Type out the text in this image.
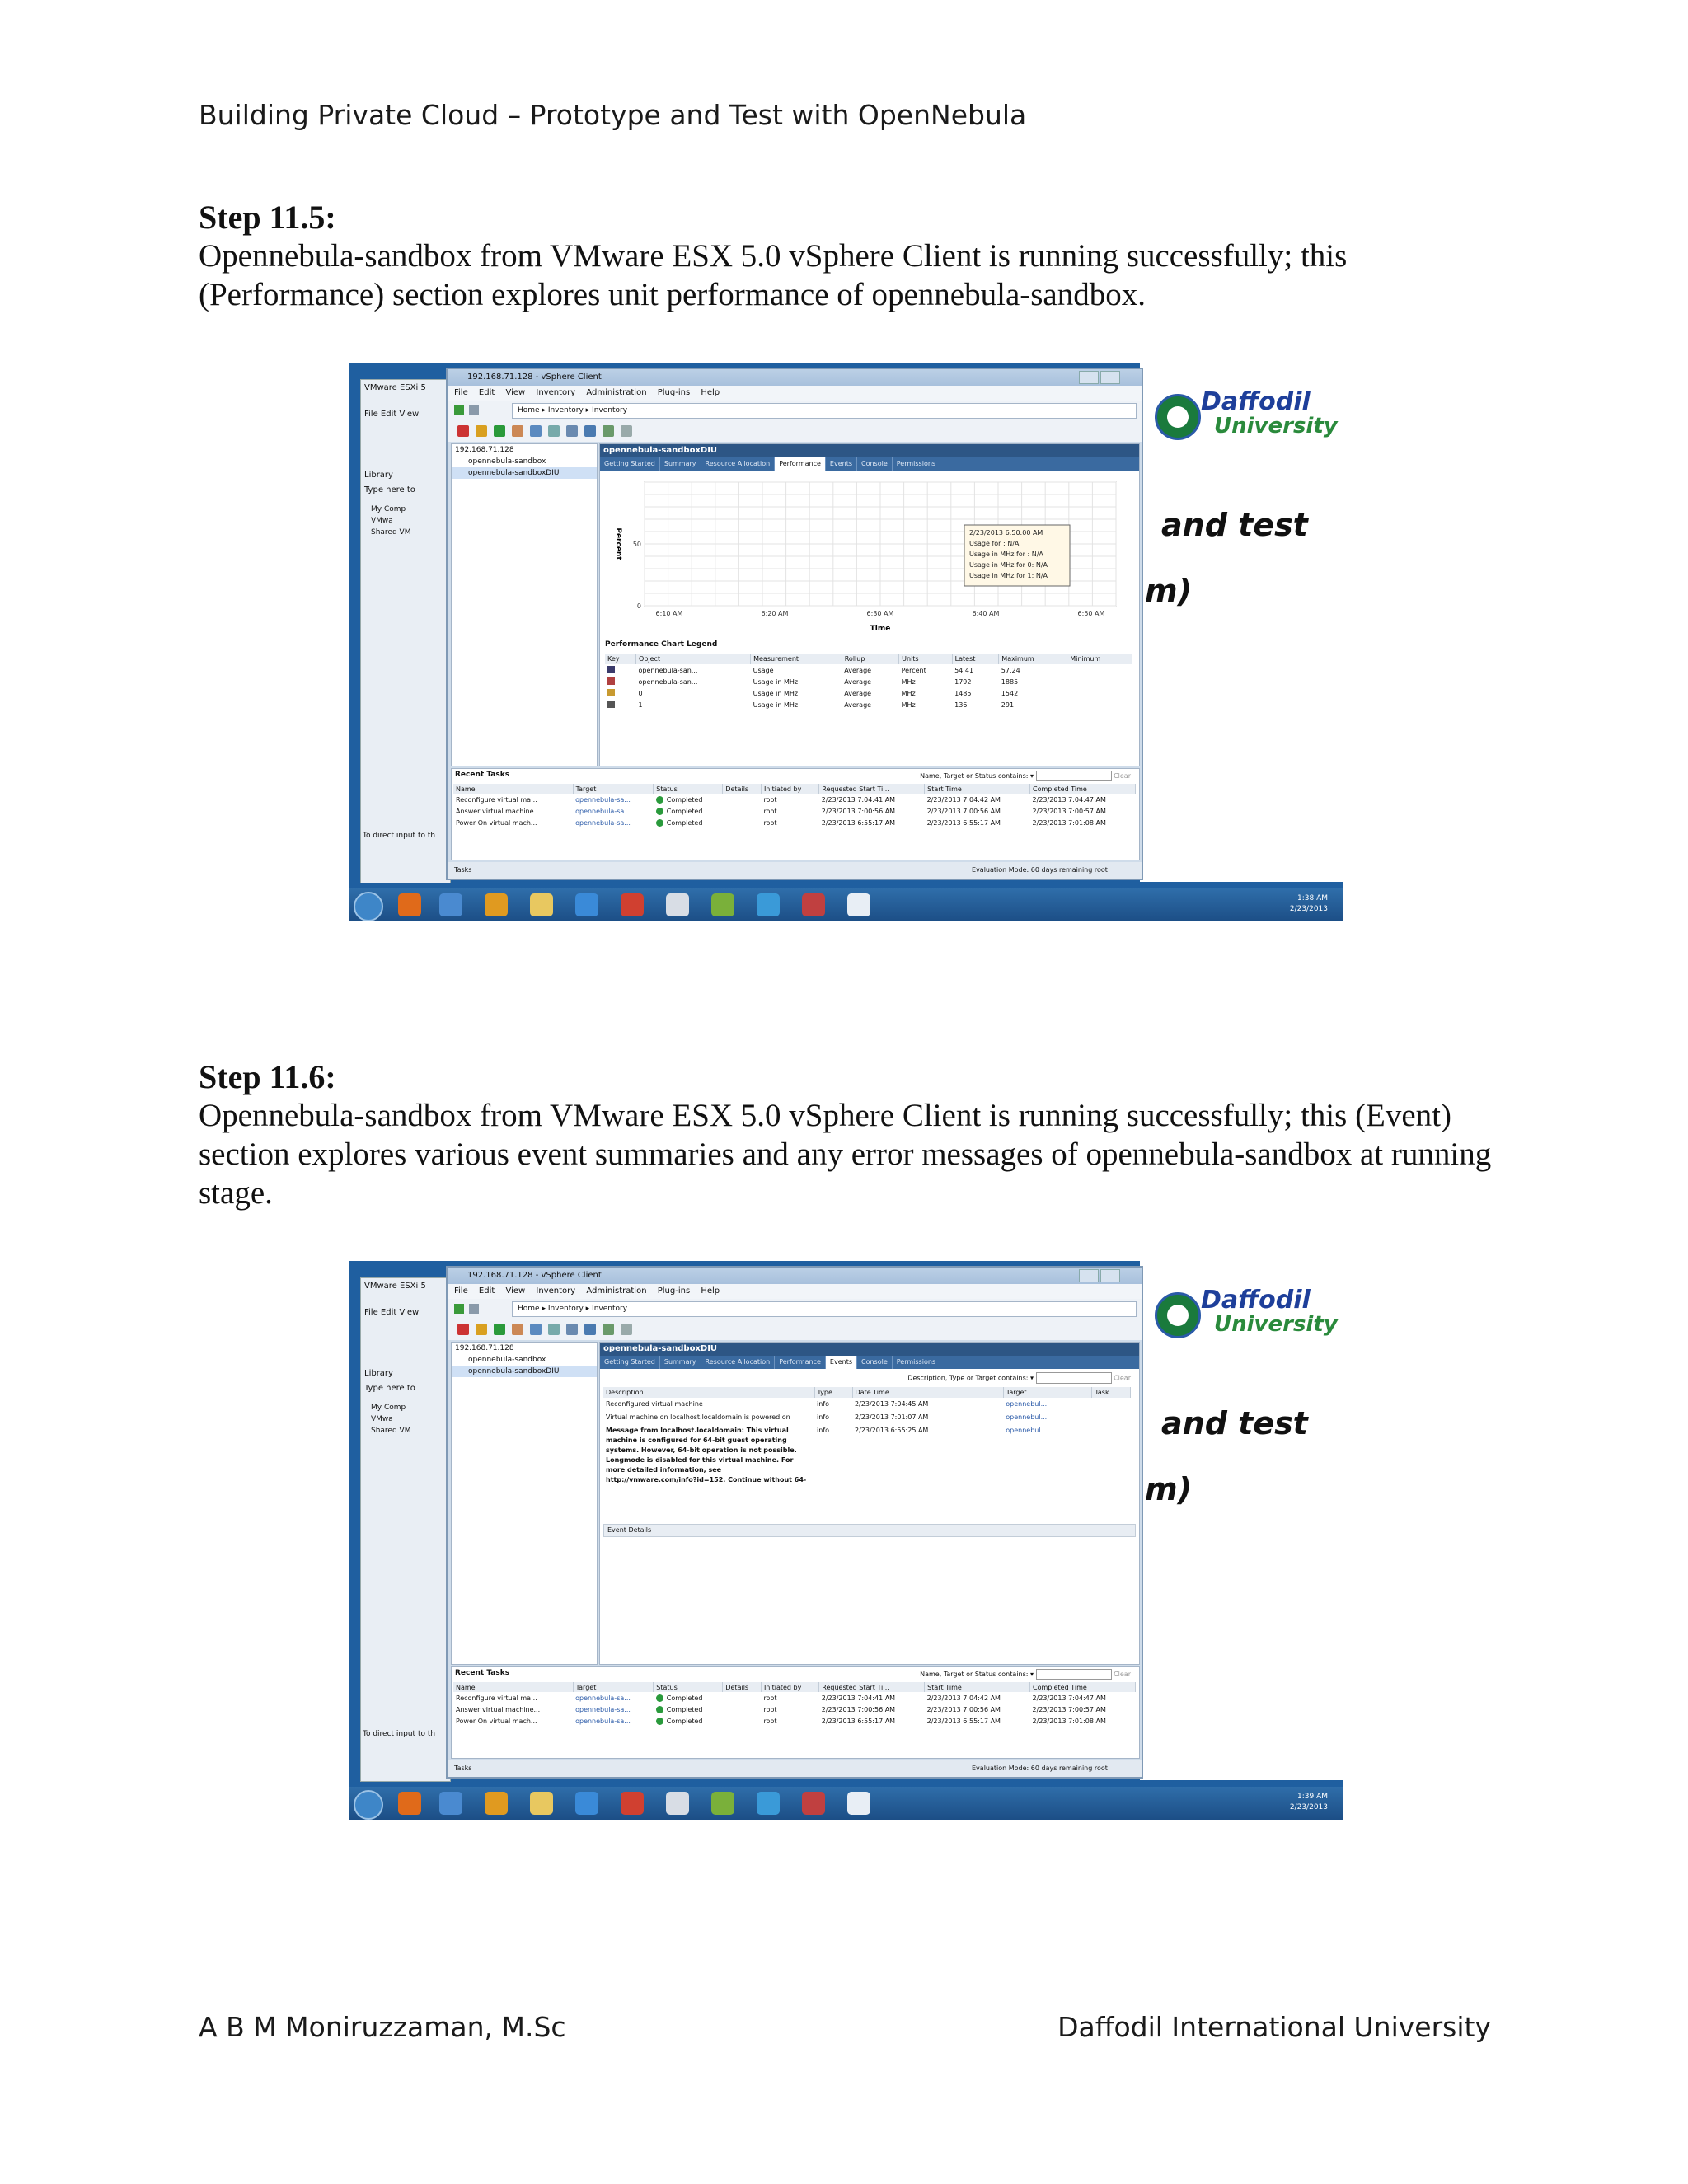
Building Private Cloud – Prototype and Test with OpenNebula
Step 11.5:
Opennebula-sandbox from VMware ESX 5.0 vSphere Client is running successfully; this (Performance) section explores unit performance of opennebula-sandbox.
Daffodil
University
and test
m)
VMware ESXi 5
File Edit View
Library
Type here to
My Comp
VMwa
Shared VM
To direct input to th
192.168.71.128 - vSphere Client
File Edit View Inventory Administration Plug-ins Help
Home ▸ Inventory ▸ Inventory
192.168.71.128
opennebula-sandbox
opennebula-sandboxDIU
opennebula-sandboxDIU
Getting Started Summary Resource Allocation Performance Events Console Permissions
0
50
6:10 AM	6:20 AM	6:30 AM	6:40 AM	6:50 AM
Time
Percent	2/23/2013 6:50:00 AM
Usage for : N/A
Usage in MHz for : N/A
Usage in MHz for 0: N/A
Usage in MHz for 1: N/A
Performance Chart Legend
Key	Object	Measurement	Rollup	Units	Latest	Maximum	Minimum
	opennebula-san...	Usage	Average	Percent	54.41	57.24	
	opennebula-san...	Usage in MHz	Average	MHz	1792	1885	
	0	Usage in MHz	Average	MHz	1485	1542	
	1	Usage in MHz	Average	MHz	136	291	
Recent Tasks	Name, Target or Status contains: ▾	Clear
Name	Target	Status	Details	Initiated by	Requested Start Ti...	Start Time	Completed Time
Reconfigure virtual ma...	opennebula-sa...	Completed		root	2/23/2013 7:04:41 AM	2/23/2013 7:04:42 AM	2/23/2013 7:04:47 AM
Answer virtual machine...	opennebula-sa...	Completed		root	2/23/2013 7:00:56 AM	2/23/2013 7:00:56 AM	2/23/2013 7:00:57 AM
Power On virtual mach...	opennebula-sa...	Completed		root	2/23/2013 6:55:17 AM	2/23/2013 6:55:17 AM	2/23/2013 7:01:08 AM
Tasks	Evaluation Mode: 60 days remaining root
1:38 AM
2/23/2013
Step 11.6:
Opennebula-sandbox from VMware ESX 5.0 vSphere Client is running successfully; this (Event) section explores various event summaries and any error messages of opennebula-sandbox at running stage.
Daffodil
University
and test
m)
VMware ESXi 5
File Edit View
Library
Type here to
My Comp
VMwa
Shared VM
To direct input to th
192.168.71.128 - vSphere Client
File Edit View Inventory Administration Plug-ins Help
Home ▸ Inventory ▸ Inventory
192.168.71.128
opennebula-sandbox
opennebula-sandboxDIU
opennebula-sandboxDIU
Getting Started Summary Resource Allocation Performance Events Console Permissions
Description, Type or Target contains: ▾	Clear
Description	Type	Date Time	Target	Task
Reconfigured virtual machine	info	2/23/2013 7:04:45 AM	opennebul...	
Virtual machine on localhost.localdomain is powered on	info	2/23/2013 7:01:07 AM	opennebul...	
Message from localhost.localdomain: This virtual machine is configured for 64-bit guest operating systems. However, 64-bit operation is not possible. Longmode is disabled for this virtual machine. For more detailed information, see http://vmware.com/info?id=152. Continue without 64-	info	2/23/2013 6:55:25 AM	opennebul...	
Event Details
Recent Tasks	Name, Target or Status contains: ▾	Clear
Name	Target	Status	Details	Initiated by	Requested Start Ti...	Start Time	Completed Time
Reconfigure virtual ma...	opennebula-sa...	Completed		root	2/23/2013 7:04:41 AM	2/23/2013 7:04:42 AM	2/23/2013 7:04:47 AM
Answer virtual machine...	opennebula-sa...	Completed		root	2/23/2013 7:00:56 AM	2/23/2013 7:00:56 AM	2/23/2013 7:00:57 AM
Power On virtual mach...	opennebula-sa...	Completed		root	2/23/2013 6:55:17 AM	2/23/2013 6:55:17 AM	2/23/2013 7:01:08 AM
Tasks	Evaluation Mode: 60 days remaining root
1:39 AM
2/23/2013
A B M Moniruzzaman, M.Sc	Daffodil International University
